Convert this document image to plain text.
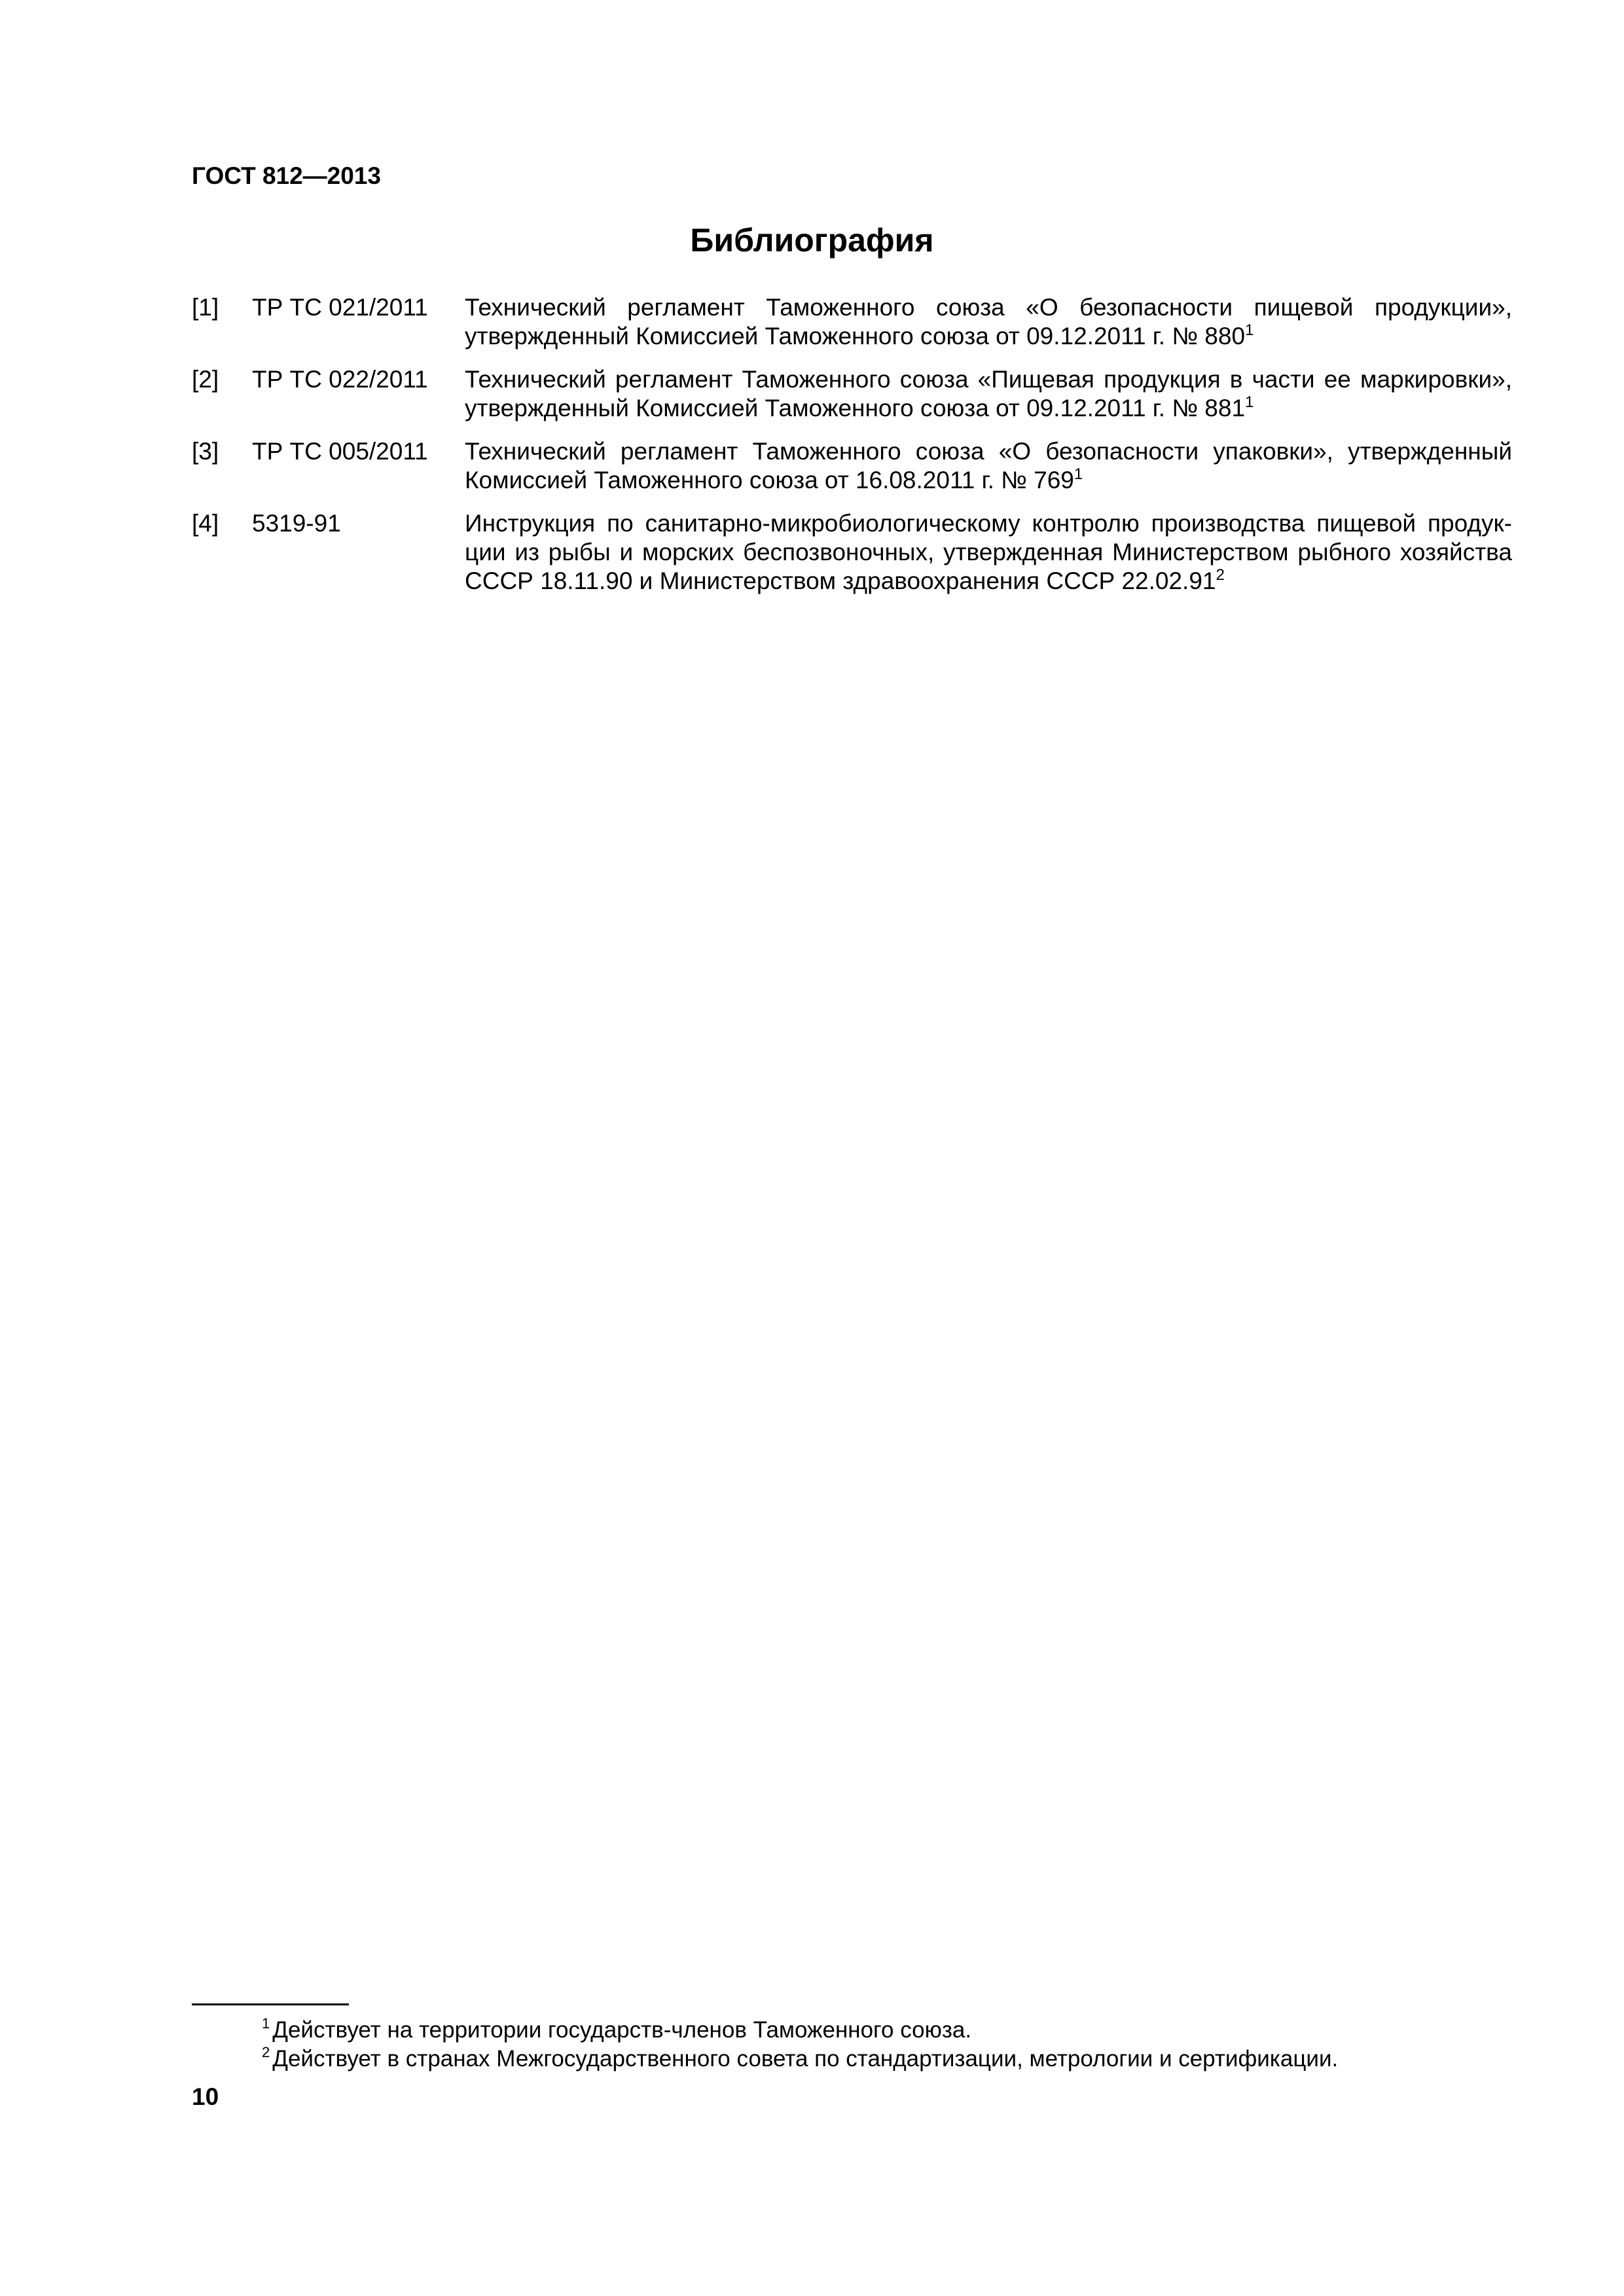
ГОСТ 812—2013
Библиография
[1] ТР ТС 021/2011 Технический регламент Таможенного союза «О безопасности пищевой продукции», утвержденный Комиссией Таможенного союза от 09.12.2011 г. № $880^1$
[2] ТР ТС 022/2011 Технический регламент Таможенного союза «Пищевая продукция в части ее маркировки», утвержденный Комиссией Таможенного союза от 09.12.2011 г. № $881^1$
[3] ТР ТС 005/2011 Технический регламент Таможенного союза «О безопасности упаковки», утвержденный Комиссией Таможенного союза от 16.08.2011 г. № $769^1$
[4] 5319-91	Инструкция по санитарно-микробиологическому контролю производства пищевой продукции из рыбы и морских беспозвоночных, утвержденная Министерством рыбного хозяйства СССР 18.11.90 и Министерством здравоохранения СССР 22.02.91$^2$
$^1$ Действует на территории государств-членов Таможенного союза.
$^2$ Действует в странах Межгосударственного совета по стандартизации, метрологии и сертификации.
10
